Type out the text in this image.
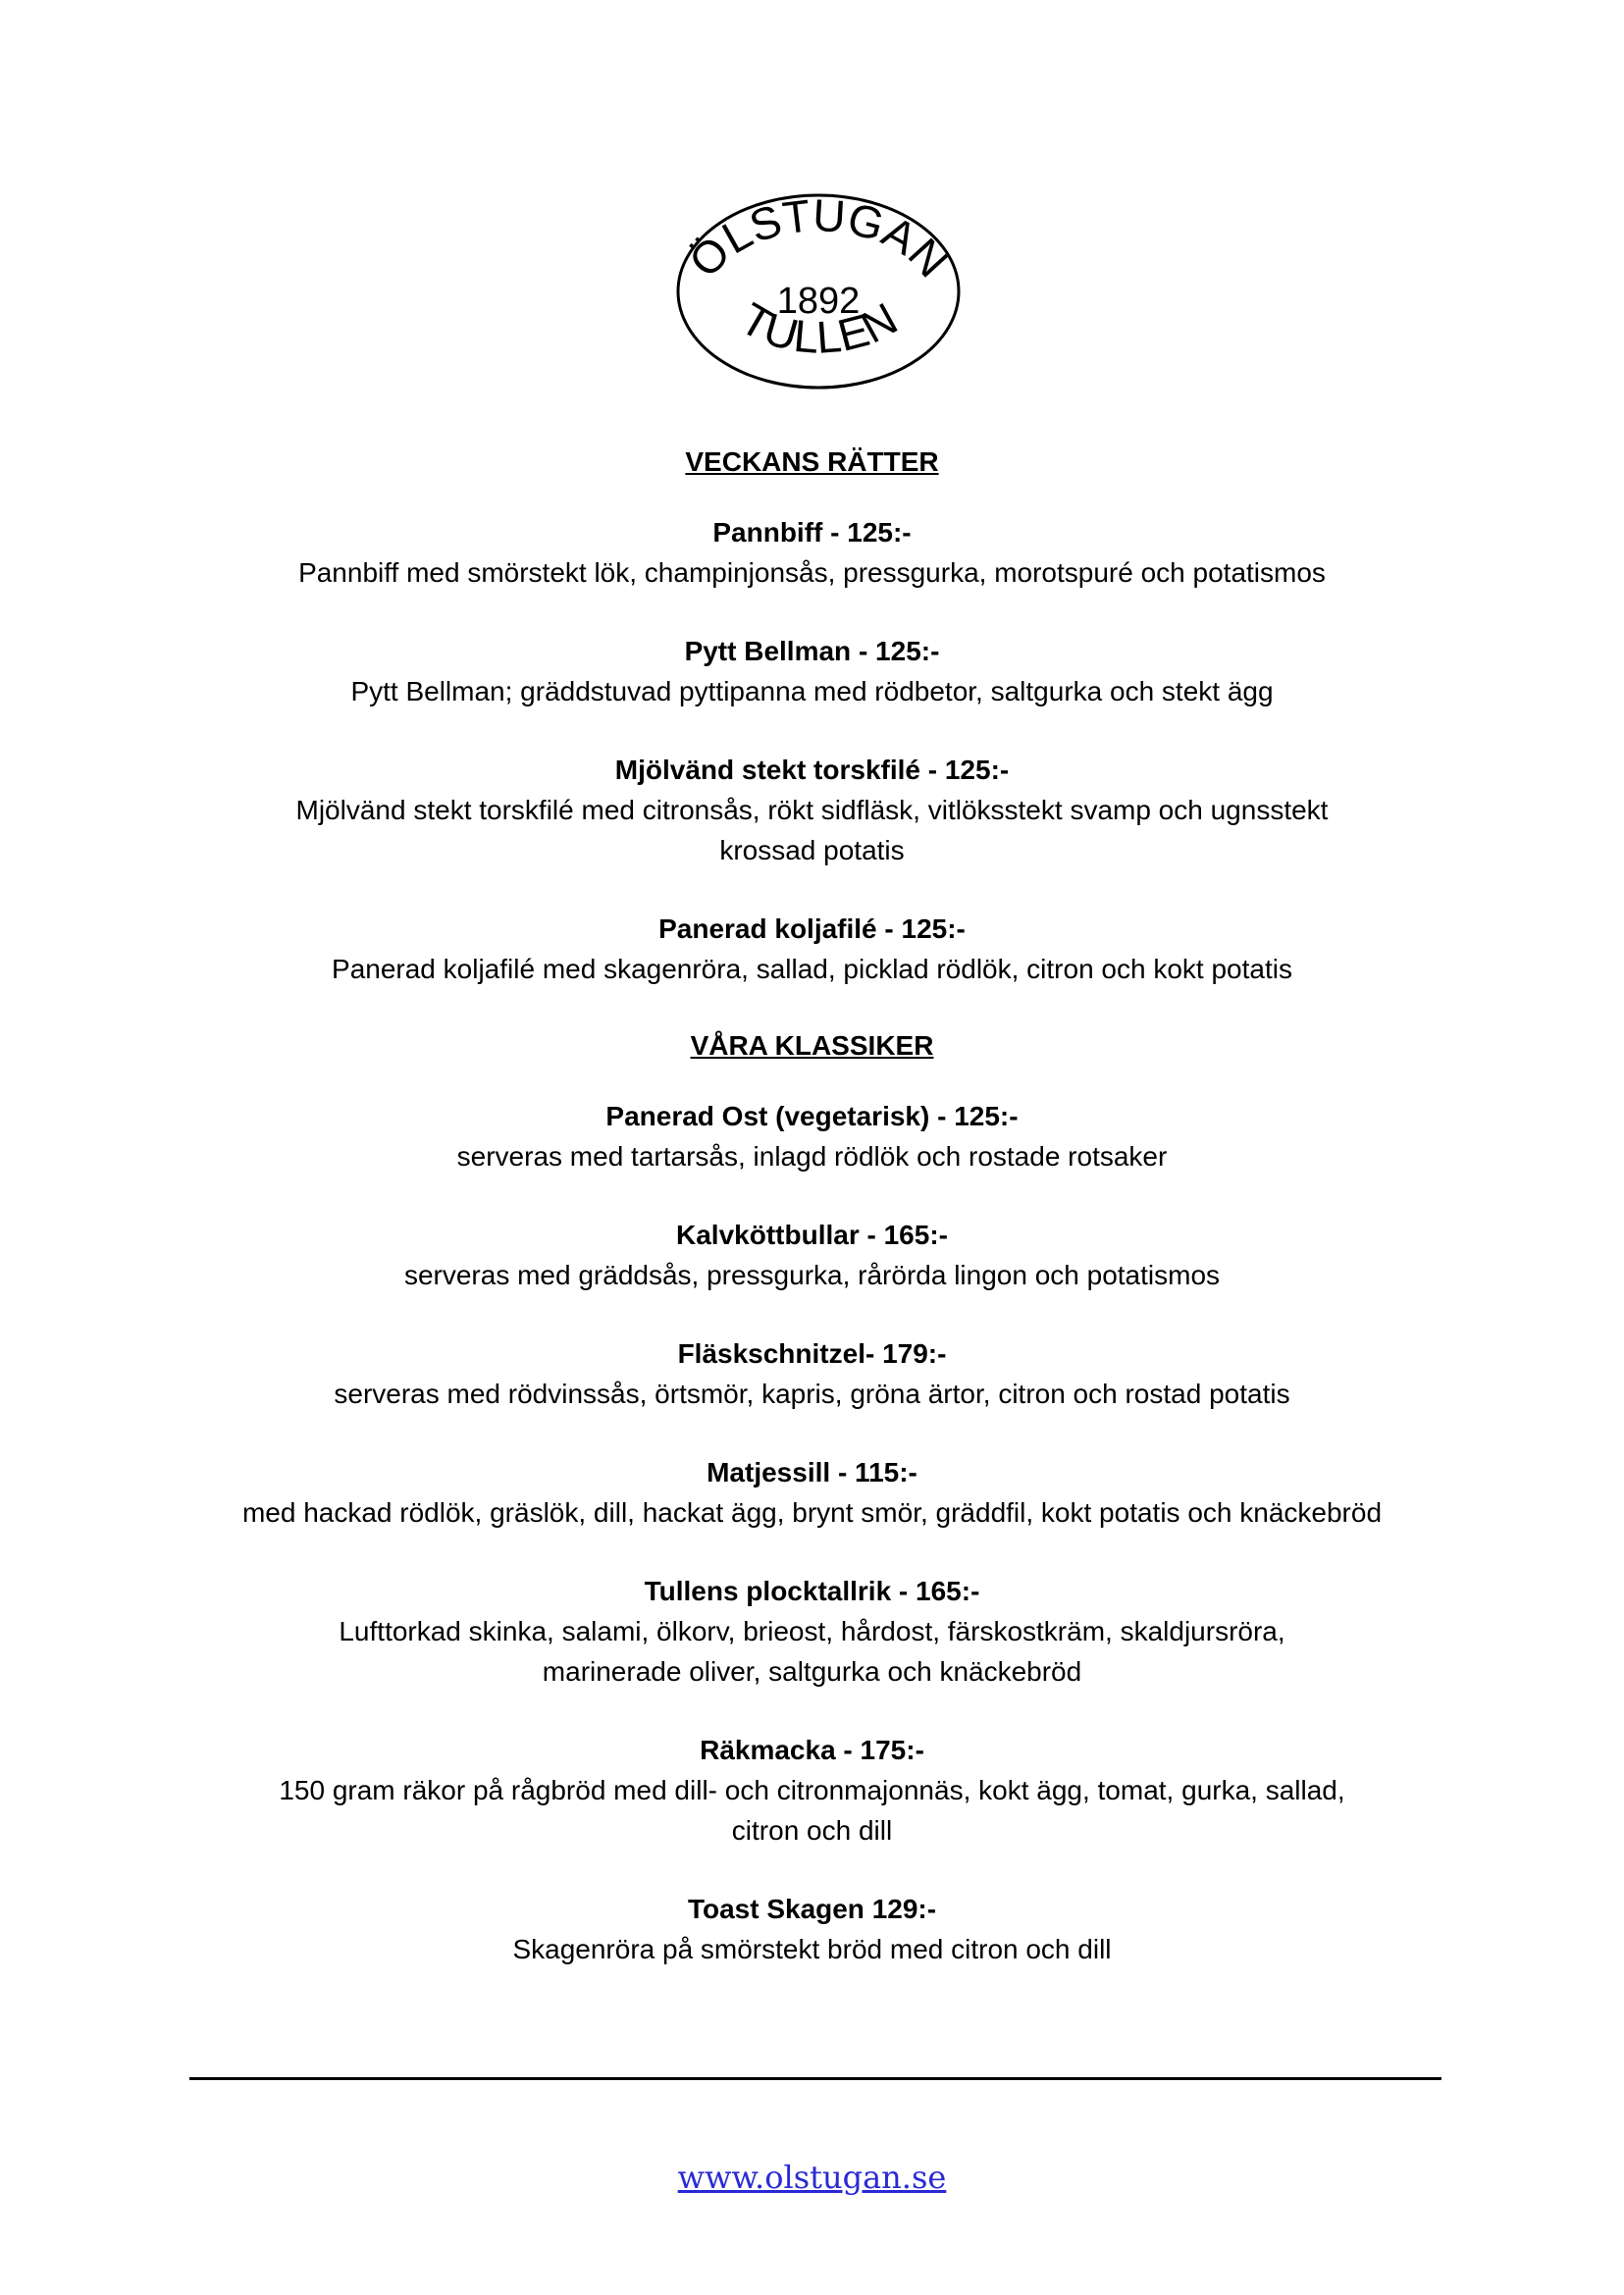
ÖLSTUGAN
1892
TULLEN
VECKANS RÄTTER

Pannbiff - 125:-

Pannbiff med smörstekt lök, champinjonsås, pressgurka, morotspuré och potatismos

Pytt Bellman - 125:-

Pytt Bellman; gräddstuvad pyttipanna med rödbetor, saltgurka och stekt ägg

Mjölvänd stekt torskfilé - 125:-

Mjölvänd stekt torskfilé med citronsås, rökt sidfläsk, vitlöksstekt svamp och ugnsstekt krossad potatis

Panerad koljafilé - 125:-

Panerad koljafilé med skagenröra, sallad, picklad rödlök, citron och kokt potatis

VÅRA KLASSIKER

Panerad Ost (vegetarisk) - 125:-

serveras med tartarsås, inlagd rödlök och rostade rotsaker

Kalvköttbullar - 165:-

serveras med gräddsås, pressgurka, rårörda lingon och potatismos

Fläskschnitzel- 179:-

serveras med rödvinssås, örtsmör, kapris, gröna ärtor, citron och rostad potatis

Matjessill - 115:-

med hackad rödlök, gräslök, dill, hackat ägg, brynt smör, gräddfil, kokt potatis och knäckebröd

Tullens plocktallrik - 165:-

Lufttorkad skinka, salami, ölkorv, brieost, hårdost, färskostkräm, skaldjursröra, marinerade oliver, saltgurka och knäckebröd

Räkmacka - 175:-

150 gram räkor på rågbröd med dill- och citronmajonnäs, kokt ägg, tomat, gurka, sallad, citron och dill

Toast Skagen 129:-

Skagenröra på smörstekt bröd med citron och dill

www.olstugan.se
